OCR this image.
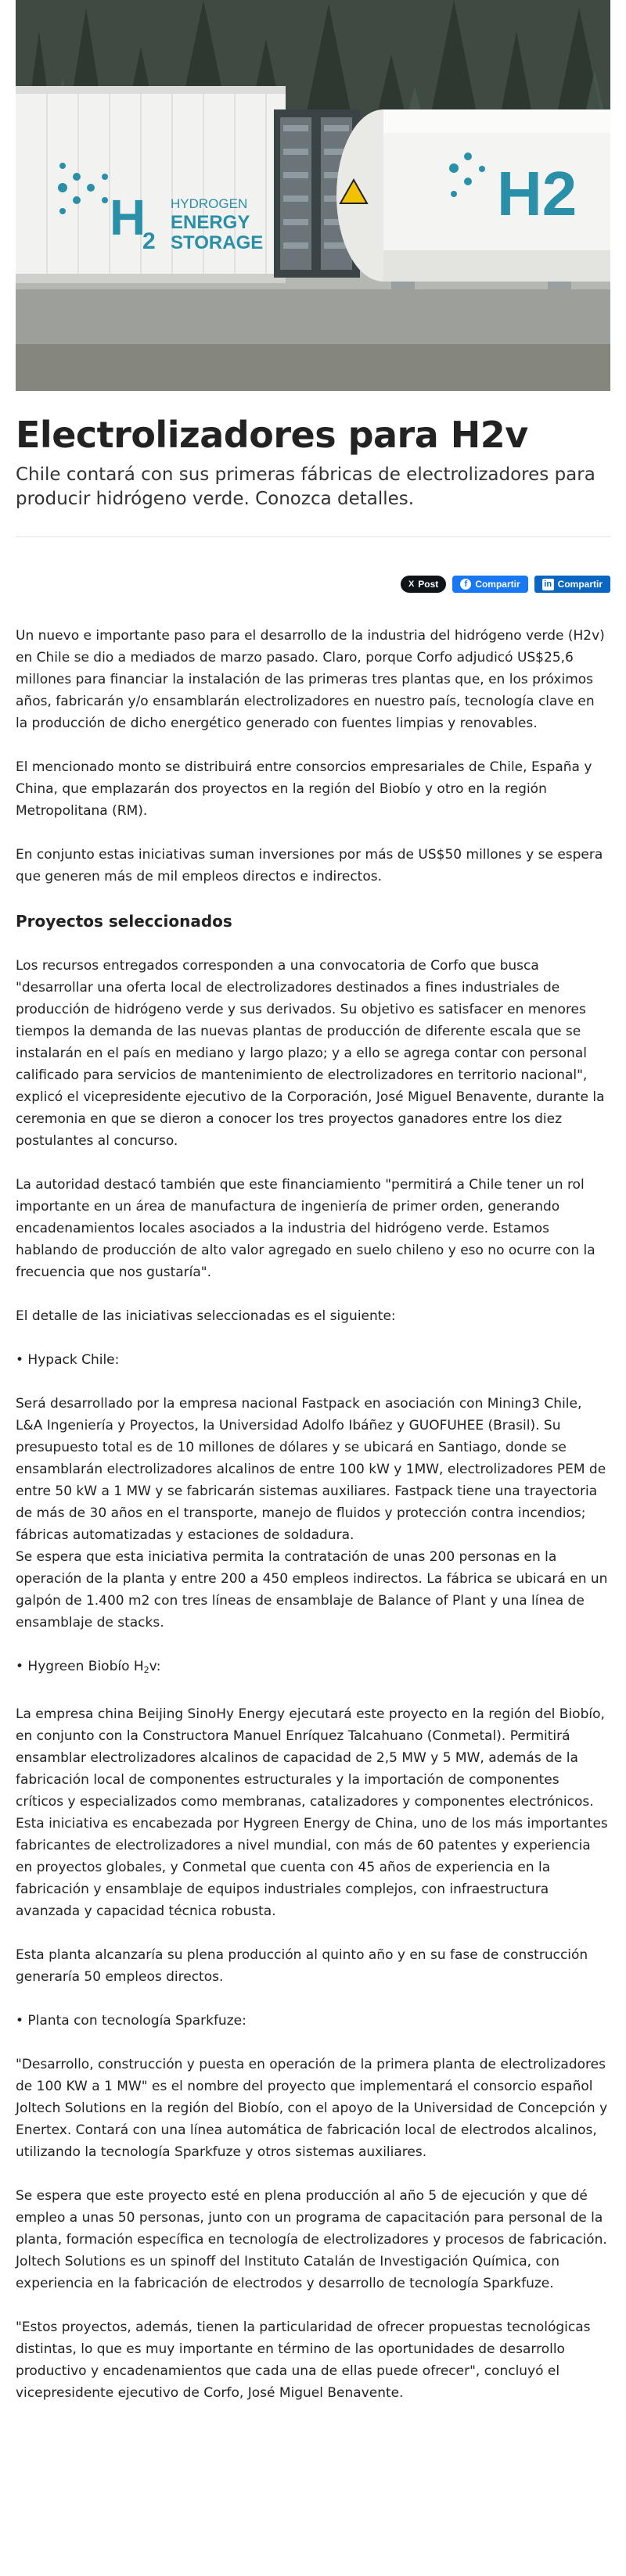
H
2
HYDROGEN
ENERGY
STORAGE
H2
Electrolizadores para H2v

Chile contará con sus primeras fábricas de electrolizadores para producir hidrógeno verde. Conozca detalles.

X Post	f Compartir	in Compartir

Un nuevo e importante paso para el desarrollo de la industria del hidrógeno verde (H2v) en Chile se dio a mediados de marzo pasado. Claro, porque Corfo adjudicó US$25,6 millones para financiar la instalación de las primeras tres plantas que, en los próximos años, fabricarán y/o ensamblarán electrolizadores en nuestro país, tecnología clave en la producción de dicho energético generado con fuentes limpias y renovables.

El mencionado monto se distribuirá entre consorcios empresariales de Chile, España y China, que emplazarán dos proyectos en la región del Biobío y otro en la región Metropolitana (RM).

En conjunto estas iniciativas suman inversiones por más de US$50 millones y se espera que generen más de mil empleos directos e indirectos.

Proyectos seleccionados

Los recursos entregados corresponden a una convocatoria de Corfo que busca "desarrollar una oferta local de electrolizadores destinados a fines industriales de producción de hidrógeno verde y sus derivados. Su objetivo es satisfacer en menores tiempos la demanda de las nuevas plantas de producción de diferente escala que se instalarán en el país en mediano y largo plazo; y a ello se agrega contar con personal calificado para servicios de mantenimiento de electrolizadores en territorio nacional", explicó el vicepresidente ejecutivo de la Corporación, José Miguel Benavente, durante la ceremonia en que se dieron a conocer los tres proyectos ganadores entre los diez postulantes al concurso.

La autoridad destacó también que este financiamiento "permitirá a Chile tener un rol importante en un área de manufactura de ingeniería de primer orden, generando encadenamientos locales asociados a la industria del hidrógeno verde. Estamos hablando de producción de alto valor agregado en suelo chileno y eso no ocurre con la frecuencia que nos gustaría".

El detalle de las iniciativas seleccionadas es el siguiente:

• Hypack Chile:

Será desarrollado por la empresa nacional Fastpack en asociación con Mining3 Chile, L&A Ingeniería y Proyectos, la Universidad Adolfo Ibáñez y GUOFUHEE (Brasil). Su presupuesto total es de 10 millones de dólares y se ubicará en Santiago, donde se ensamblarán electrolizadores alcalinos de entre 100 kW y 1MW, electrolizadores PEM de entre 50 kW a 1 MW y se fabricarán sistemas auxiliares. Fastpack tiene una trayectoria de más de 30 años en el transporte, manejo de fluidos y protección contra incendios; fábricas automatizadas y estaciones de soldadura.

Se espera que esta iniciativa permita la contratación de unas 200 personas en la operación de la planta y entre 200 a 450 empleos indirectos. La fábrica se ubicará en un galpón de 1.400 m2 con tres líneas de ensamblaje de Balance of Plant y una línea de ensamblaje de stacks.

• Hygreen Biobío $H_2v$:

La empresa china Beijing SinoHy Energy ejecutará este proyecto en la región del Biobío, en conjunto con la Constructora Manuel Enríquez Talcahuano (Conmetal). Permitirá ensamblar electrolizadores alcalinos de capacidad de 2,5 MW y 5 MW, además de la fabricación local de componentes estructurales y la importación de componentes críticos y especializados como membranas, catalizadores y componentes electrónicos. Esta iniciativa es encabezada por Hygreen Energy de China, uno de los más importantes fabricantes de electrolizadores a nivel mundial, con más de 60 patentes y experiencia en proyectos globales, y Conmetal que cuenta con 45 años de experiencia en la fabricación y ensamblaje de equipos industriales complejos, con infraestructura avanzada y capacidad técnica robusta.

Esta planta alcanzaría su plena producción al quinto año y en su fase de construcción generaría 50 empleos directos.

• Planta con tecnología Sparkfuze:

"Desarrollo, construcción y puesta en operación de la primera planta de electrolizadores de 100 KW a 1 MW" es el nombre del proyecto que implementará el consorcio español Joltech Solutions en la región del Biobío, con el apoyo de la Universidad de Concepción y Enertex. Contará con una línea automática de fabricación local de electrodos alcalinos, utilizando la tecnología Sparkfuze y otros sistemas auxiliares.

Se espera que este proyecto esté en plena producción al año 5 de ejecución y que dé empleo a unas 50 personas, junto con un programa de capacitación para personal de la planta, formación específica en tecnología de electrolizadores y procesos de fabricación. Joltech Solutions es un spinoff del Instituto Catalán de Investigación Química, con experiencia en la fabricación de electrodos y desarrollo de tecnología Sparkfuze.

"Estos proyectos, además, tienen la particularidad de ofrecer propuestas tecnológicas distintas, lo que es muy importante en término de las oportunidades de desarrollo productivo y encadenamientos que cada una de ellas puede ofrecer", concluyó el vicepresidente ejecutivo de Corfo, José Miguel Benavente.
